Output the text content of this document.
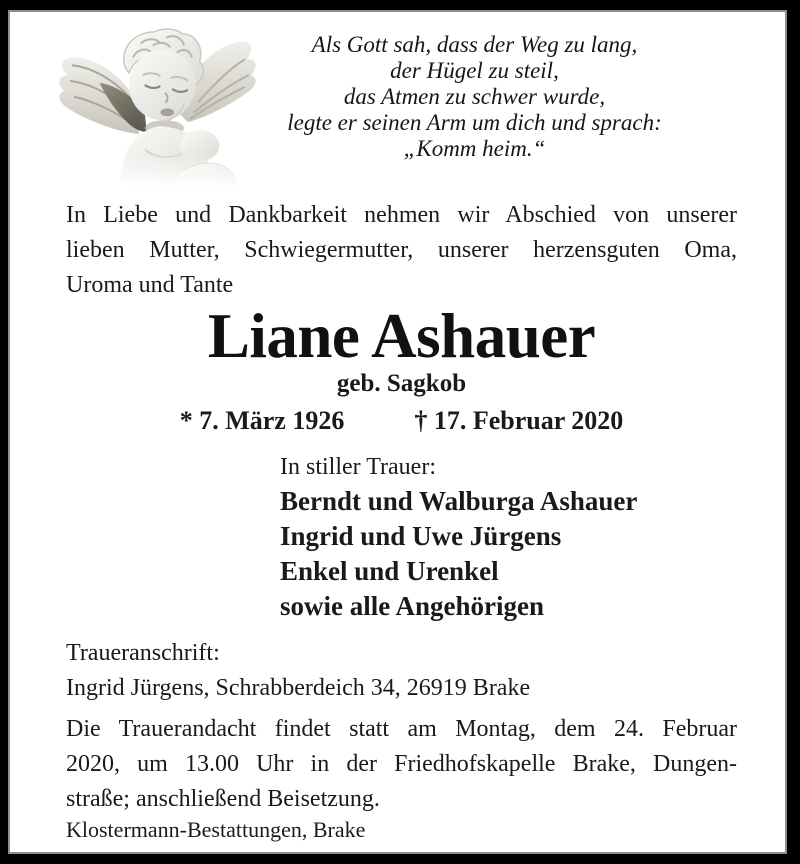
Als Gott sah, dass der Weg zu lang,
der Hügel zu steil,
das Atmen zu schwer wurde,
legte er seinen Arm um dich und sprach:
„Komm heim.“
In Liebe und Dankbarkeit nehmen wir Abschied von unserer
lieben Mutter, Schwiegermutter, unserer herzensguten Oma,
Uroma und Tante
Liane Ashauer
geb. Sagkob
* 7. März 1926	† 17. Februar 2020
In stiller Trauer:
Berndt und Walburga Ashauer
Ingrid und Uwe Jürgens
Enkel und Urenkel
sowie alle Angehörigen
Traueranschrift:
Ingrid Jürgens, Schrabberdeich 34, 26919 Brake
Die Trauerandacht findet statt am Montag, dem 24. Februar
2020, um 13.00 Uhr in der Friedhofskapelle Brake, Dungen-
straße; anschließend Beisetzung.
Klostermann-Bestattungen, Brake
